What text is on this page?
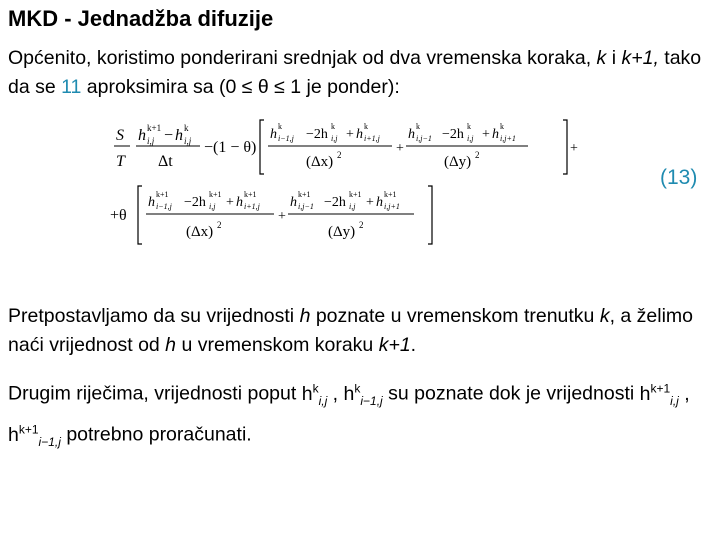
MKD - Jednadžba difuzije
Općenito, koristimo ponderirani srednjak od dva vremenska koraka, k i k+1, tako da se 11 aproksimira sa (0 ≤ θ ≤ 1 je ponder):
S
T
h k+1
i,j − h k
i,j
Δt
−(1 − θ)
h
k
i−1,j −2h
k
i,j + h
k
i+1,j
(Δx) 2	+
h
k
i,j−1 −2h
k
i,j + h
k
i,j+1
(Δy) 2	+
+θ
h
k+1
i−1,j −2h
k+1
i,j + h
k+1
i+1,j
(Δx) 2
+
h
k+1
i,j−1 −2h
k+1
i,j + h
k+1
i,j+1
(Δy) 2
(13)
Pretpostavljamo da su vrijednosti h poznate u vremenskom trenutku k, a želimo naći vrijednost od h u vremenskom koraku k+1.
Drugim riječima, vrijednosti poput $h^k_{i,j}$ , $h^k_{i-1,j}$ su poznate dok je vrijednosti $h^{k+1}_{i,j}$ , $h^{k+1}_{i-1,j}$ potrebno proračunati.
